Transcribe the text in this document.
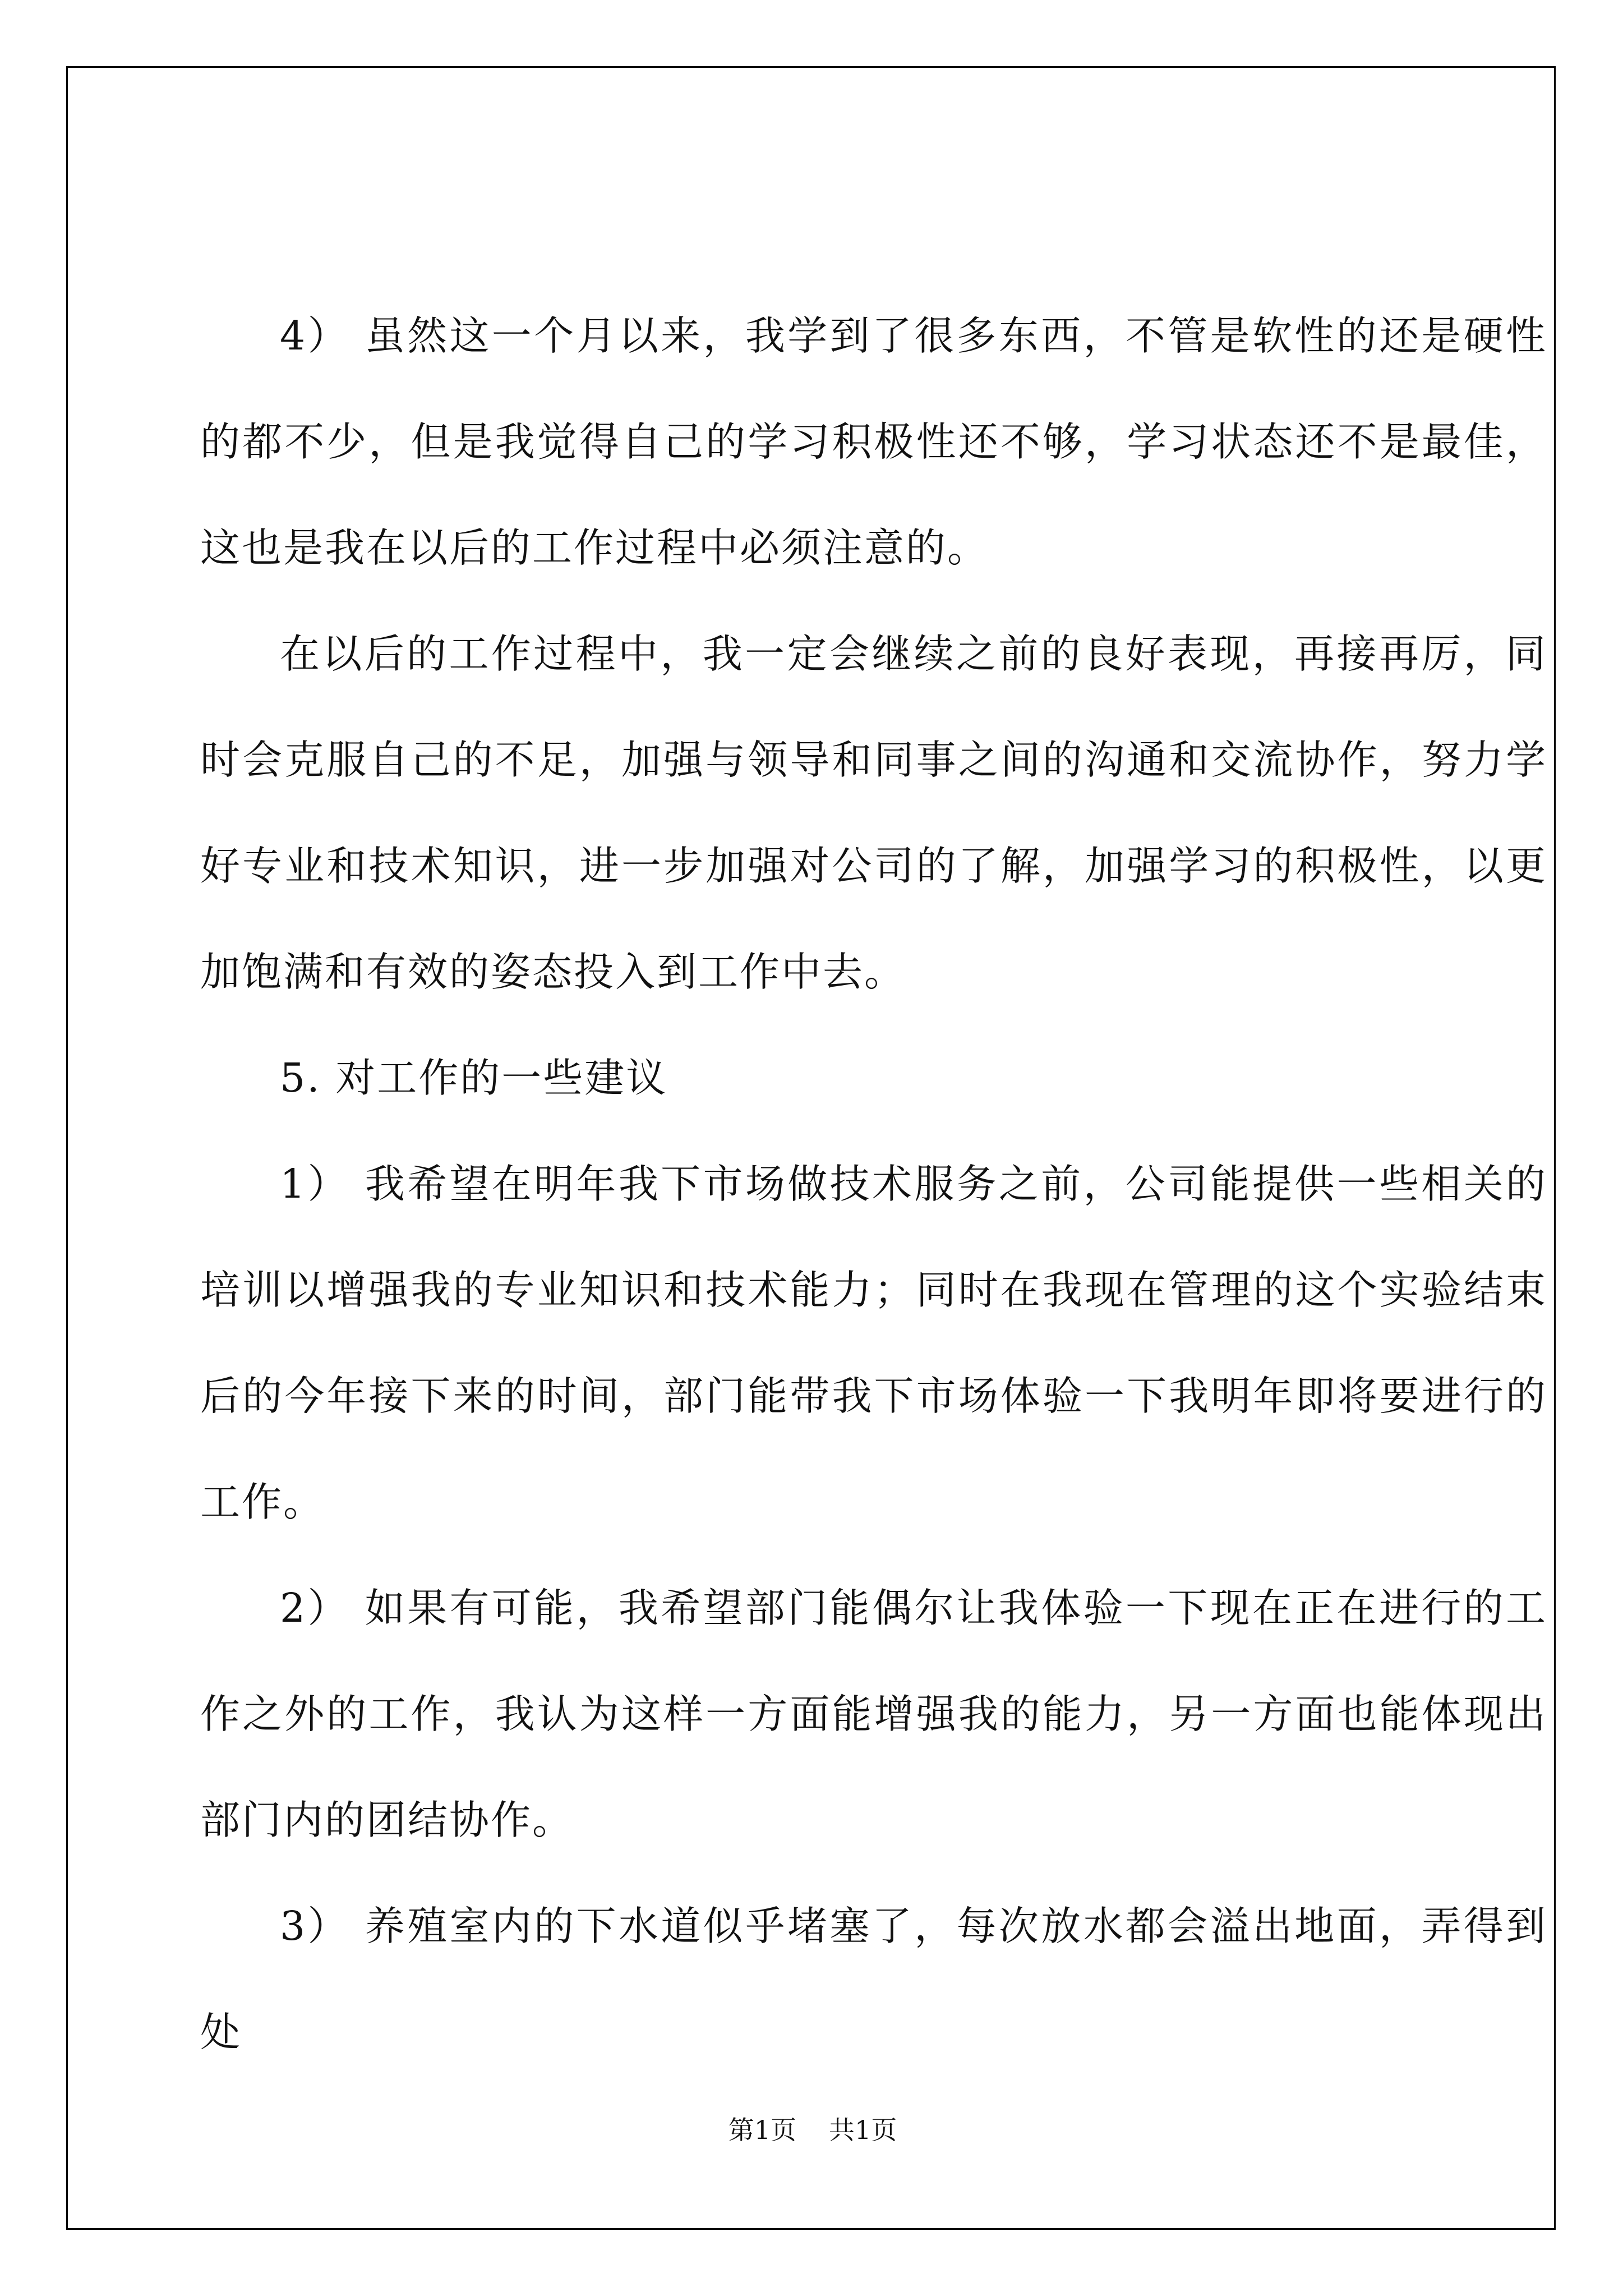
4） 虽然这一个月以来，我学到了很多东西，不管是软性的还是硬性的都不少，但是我觉得自己的学习积极性还不够，学习状态还不是最佳，这也是我在以后的工作过程中必须注意的。

在以后的工作过程中，我一定会继续之前的良好表现，再接再厉，同时会克服自己的不足，加强与领导和同事之间的沟通和交流协作，努力学好专业和技术知识，进一步加强对公司的了解，加强学习的积极性，以更加饱满和有效的姿态投入到工作中去。

5. 对工作的一些建议

1） 我希望在明年我下市场做技术服务之前，公司能提供一些相关的培训以增强我的专业知识和技术能力；同时在我现在管理的这个实验结束后的今年接下来的时间，部门能带我下市场体验一下我明年即将要进行的工作。

2） 如果有可能，我希望部门能偶尔让我体验一下现在正在进行的工作之外的工作，我认为这样一方面能增强我的能力，另一方面也能体现出部门内的团结协作。

3） 养殖室内的下水道似乎堵塞了，每次放水都会溢出地面，弄得到处

第1页 共1页
